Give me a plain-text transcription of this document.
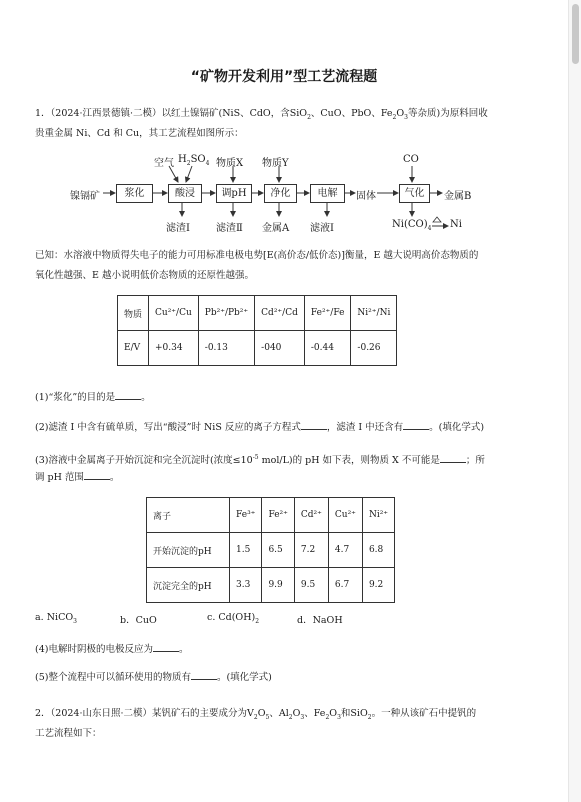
“矿物开发利用”型工艺流程题
1．（2024·江西景德镇·二模）以红土镍镉矿(NiS、CdO，含SiO$_2$、CuO、PbO、$Fe_2O_3$等杂质)为原料回收
贵重金属 Ni、Cd 和 Cu，其工艺流程如图所示：
空气 $H_2SO_4$ 物质X 物质Y	CO
镍镉矿	浆化	酸浸	调pH	净化	电解	固体	气化	金属B
滤渣Ⅰ	滤渣Ⅱ 金属A 滤液Ⅰ	$Ni(CO)_4$ Ni
已知：水溶液中物质得失电子的能力可用标准电极电势[E(高价态/低价态)]衡量，E 越大说明高价态物质的
氧化性越强、E 越小说明低价态物质的还原性越强。
物质	Cu²⁺/Cu	Pb²⁺/Pb²⁺	Cd²⁺/Cd	Fe²⁺/Fe	Ni²⁺/Ni
E/V	+0.34	-0.13	-040	-0.44	-0.26
(1)“浆化”的目的是	。
(2)滤渣 Ⅰ 中含有硫单质，写出“酸浸”时 NiS 反应的离子方程式	，滤渣 Ⅰ 中还含有	。(填化学式)
(3)溶液中金属离子开始沉淀和完全沉淀时(浓度$\le 10^{-5}$ mol/L)的 pH 如下表，则物质 X 不可能是	；所
调 pH 范围	。
离子	Fe³⁺	Fe²⁺	Cd²⁺	Cu²⁺	Ni²⁺
开始沉淀的pH	1.5	6.5	7.2	4.7	6.8
沉淀完全的pH	3.3	9.9	9.5	6.7	9.2
a. NiCO$_3$	b．CuO	c. $Cd(OH)_2$	d．NaOH
(4)电解时阴极的电极反应为	。
(5)整个流程中可以循环使用的物质有	。(填化学式)
2．（2024·山东日照·二模）某钒矿石的主要成分为$V_2O_5$、$Al_2O_3$、$Fe_2O_3$和SiO$_2$。一种从该矿石中提钒的
工艺流程如下：
